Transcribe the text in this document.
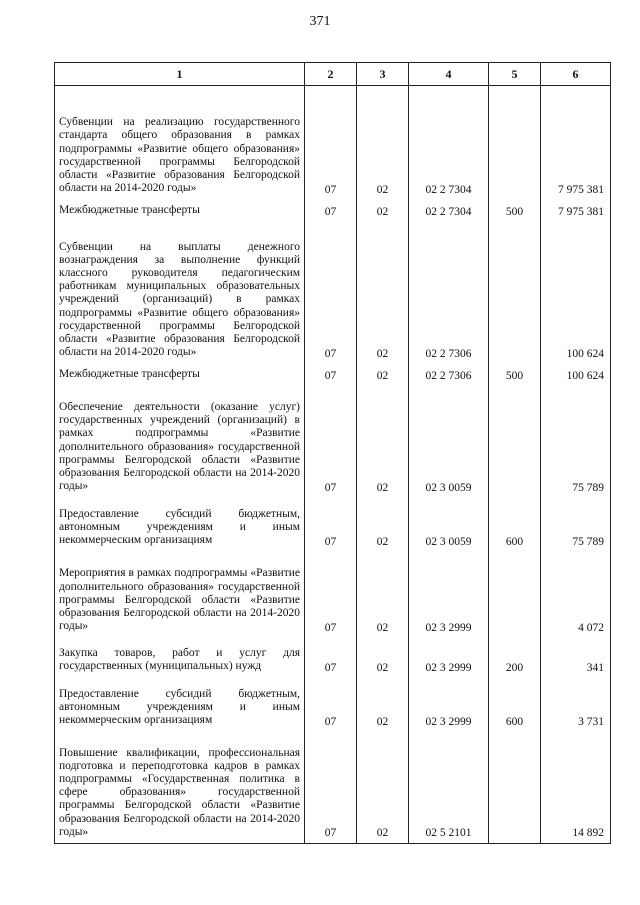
371
1	2	3	4	5	6
Субвенции на реализацию государственного стандарта общего образования в рамках подпрограммы «Развитие общего образования» государственной программы Белгородской области «Развитие образования Белгородской области на 2014-2020 годы»	07	02	02 2 7304		7 975 381
Межбюджетные трансферты	07	02	02 2 7304	500	7 975 381
Субвенции на выплаты денежного вознаграждения за выполнение функций классного руководителя педагогическим работникам муниципальных образовательных учреждений (организаций) в рамках подпрограммы «Развитие общего образования» государственной программы Белгородской области «Развитие образования Белгородской области на 2014-2020 годы»	07	02	02 2 7306		100 624
Межбюджетные трансферты	07	02	02 2 7306	500	100 624
Обеспечение деятельности (оказание услуг) государственных учреждений (организаций) в рамках подпрограммы «Развитие дополнительного образования» государственной программы Белгородской области «Развитие образования Белгородской области на 2014-2020 годы»	07	02	02 3 0059		75 789
Предоставление субсидий бюджетным, автономным учреждениям и иным некоммерческим организациям	07	02	02 3 0059	600	75 789
Мероприятия в рамках подпрограммы «Развитие дополнительного образования» государственной программы Белгородской области «Развитие образования Белгородской области на 2014-2020 годы»	07	02	02 3 2999		4 072
Закупка товаров, работ и услуг для государственных (муниципальных) нужд	07	02	02 3 2999	200	341
Предоставление субсидий бюджетным, автономным учреждениям и иным некоммерческим организациям	07	02	02 3 2999	600	3 731
Повышение квалификации, профессиональная подготовка и переподготовка кадров в рамках подпрограммы «Государственная политика в сфере образования» государственной программы Белгородской области «Развитие образования Белгородской области на 2014-2020 годы»	07	02	02 5 2101		14 892
